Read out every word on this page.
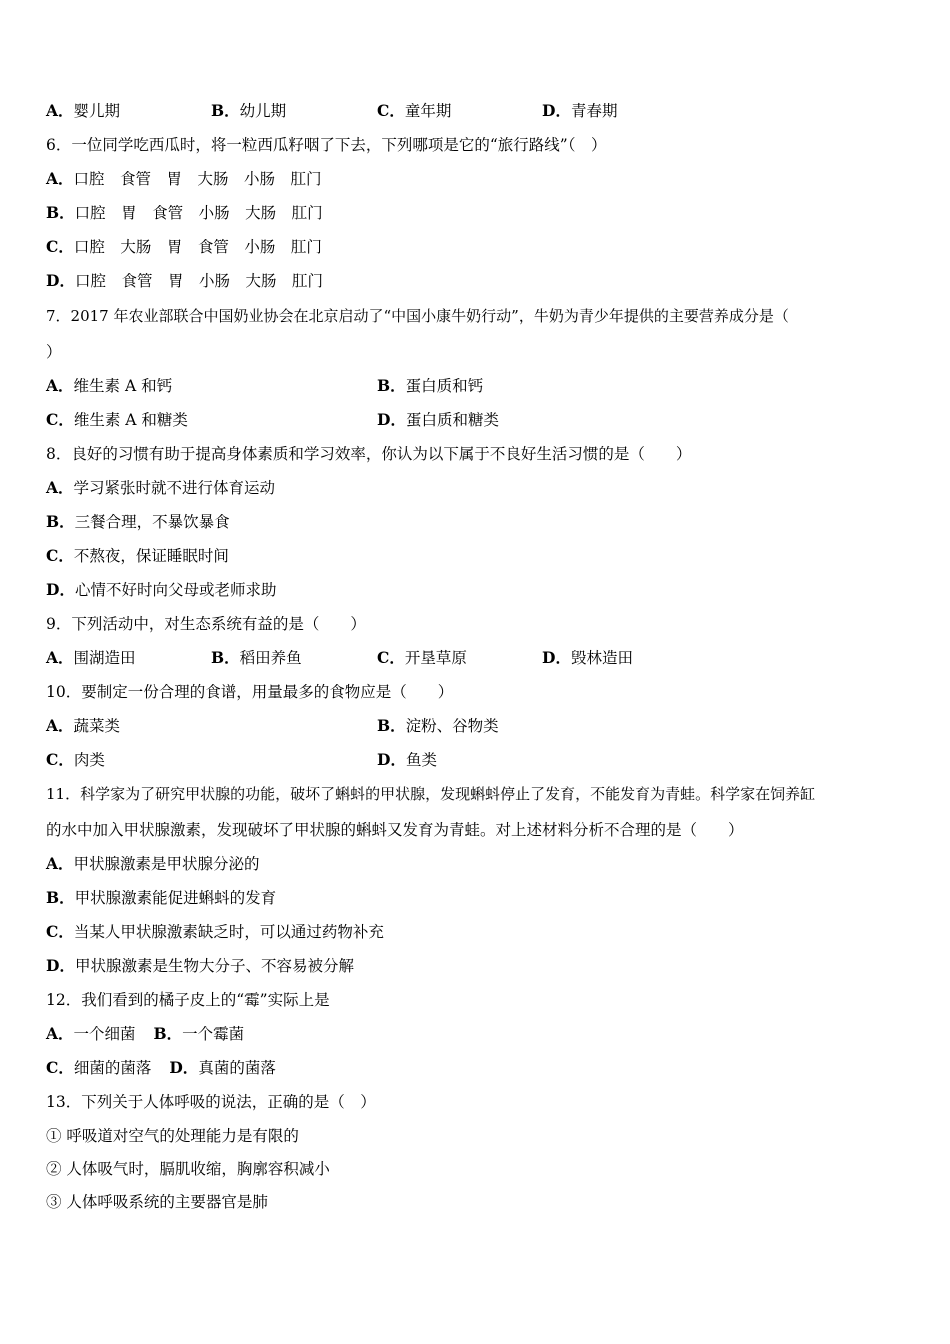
A．婴儿期	B．幼儿期	C．童年期	D．青春期
6．一位同学吃西瓜时，将一粒西瓜籽咽了下去，下列哪项是它的“旅行路线”（　）
A．口腔　食管　胃　大肠　小肠　肛门
B．口腔　胃　食管　小肠　大肠　肛门
C．口腔　大肠　胃　食管　小肠　肛门
D．口腔　食管　胃　小肠　大肠　肛门
7．2017 年农业部联合中国奶业协会在北京启动了“中国小康牛奶行动”，牛奶为青少年提供的主要营养成分是（
）
A．维生素 A 和钙	B．蛋白质和钙
C．维生素 A 和糖类	D．蛋白质和糖类
8．良好的习惯有助于提高身体素质和学习效率，你认为以下属于不良好生活习惯的是（　　）
A．学习紧张时就不进行体育运动
B．三餐合理，不暴饮暴食
C．不熬夜，保证睡眠时间
D．心情不好时向父母或老师求助
9．下列活动中，对生态系统有益的是（　　）
A．围湖造田	B．稻田养鱼	C．开垦草原	D．毁林造田
10．要制定一份合理的食谱，用量最多的食物应是（　　）
A．蔬菜类	B．淀粉、谷物类
C．肉类	D．鱼类
11．科学家为了研究甲状腺的功能，破坏了蝌蚪的甲状腺，发现蝌蚪停止了发育，不能发育为青蛙。科学家在饲养缸
的水中加入甲状腺激素，发现破坏了甲状腺的蝌蚪又发育为青蛙。对上述材料分析不合理的是（　　）
A．甲状腺激素是甲状腺分泌的
B．甲状腺激素能促进蝌蚪的发育
C．当某人甲状腺激素缺乏时，可以通过药物补充
D．甲状腺激素是生物大分子、不容易被分解
12．我们看到的橘子皮上的“霉”实际上是
A．一个细菌 B．一个霉菌
C．细菌的菌落 D．真菌的菌落
13．下列关于人体呼吸的说法，正确的是（　）
① 呼吸道对空气的处理能力是有限的
② 人体吸气时，膈肌收缩，胸廓容积减小
③ 人体呼吸系统的主要器官是肺
